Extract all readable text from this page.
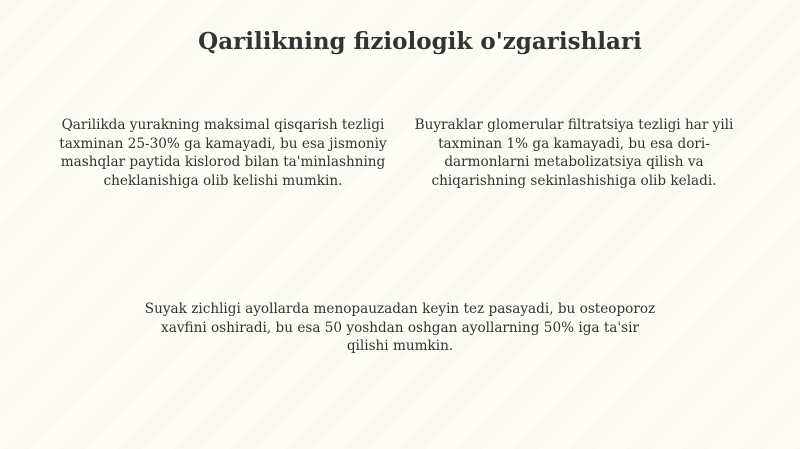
Qarilikning fiziologik o'zgarishlari
Qarilikda yurakning maksimal qisqarish tezligi taxminan 25-30% ga kamayadi, bu esa jismoniy mashqlar paytida kislorod bilan ta'minlashning cheklanishiga olib kelishi mumkin.
Buyraklar glomerular filtratsiya tezligi har yili taxminan 1% ga kamayadi, bu esa dori-darmonlarni metabolizatsiya qilish va chiqarishning sekinlashishiga olib keladi.
Suyak zichligi ayollarda menopauzadan keyin tez pasayadi, bu osteoporoz xavfini oshiradi, bu esa 50 yoshdan oshgan ayollarning 50% iga ta'sir qilishi mumkin.
